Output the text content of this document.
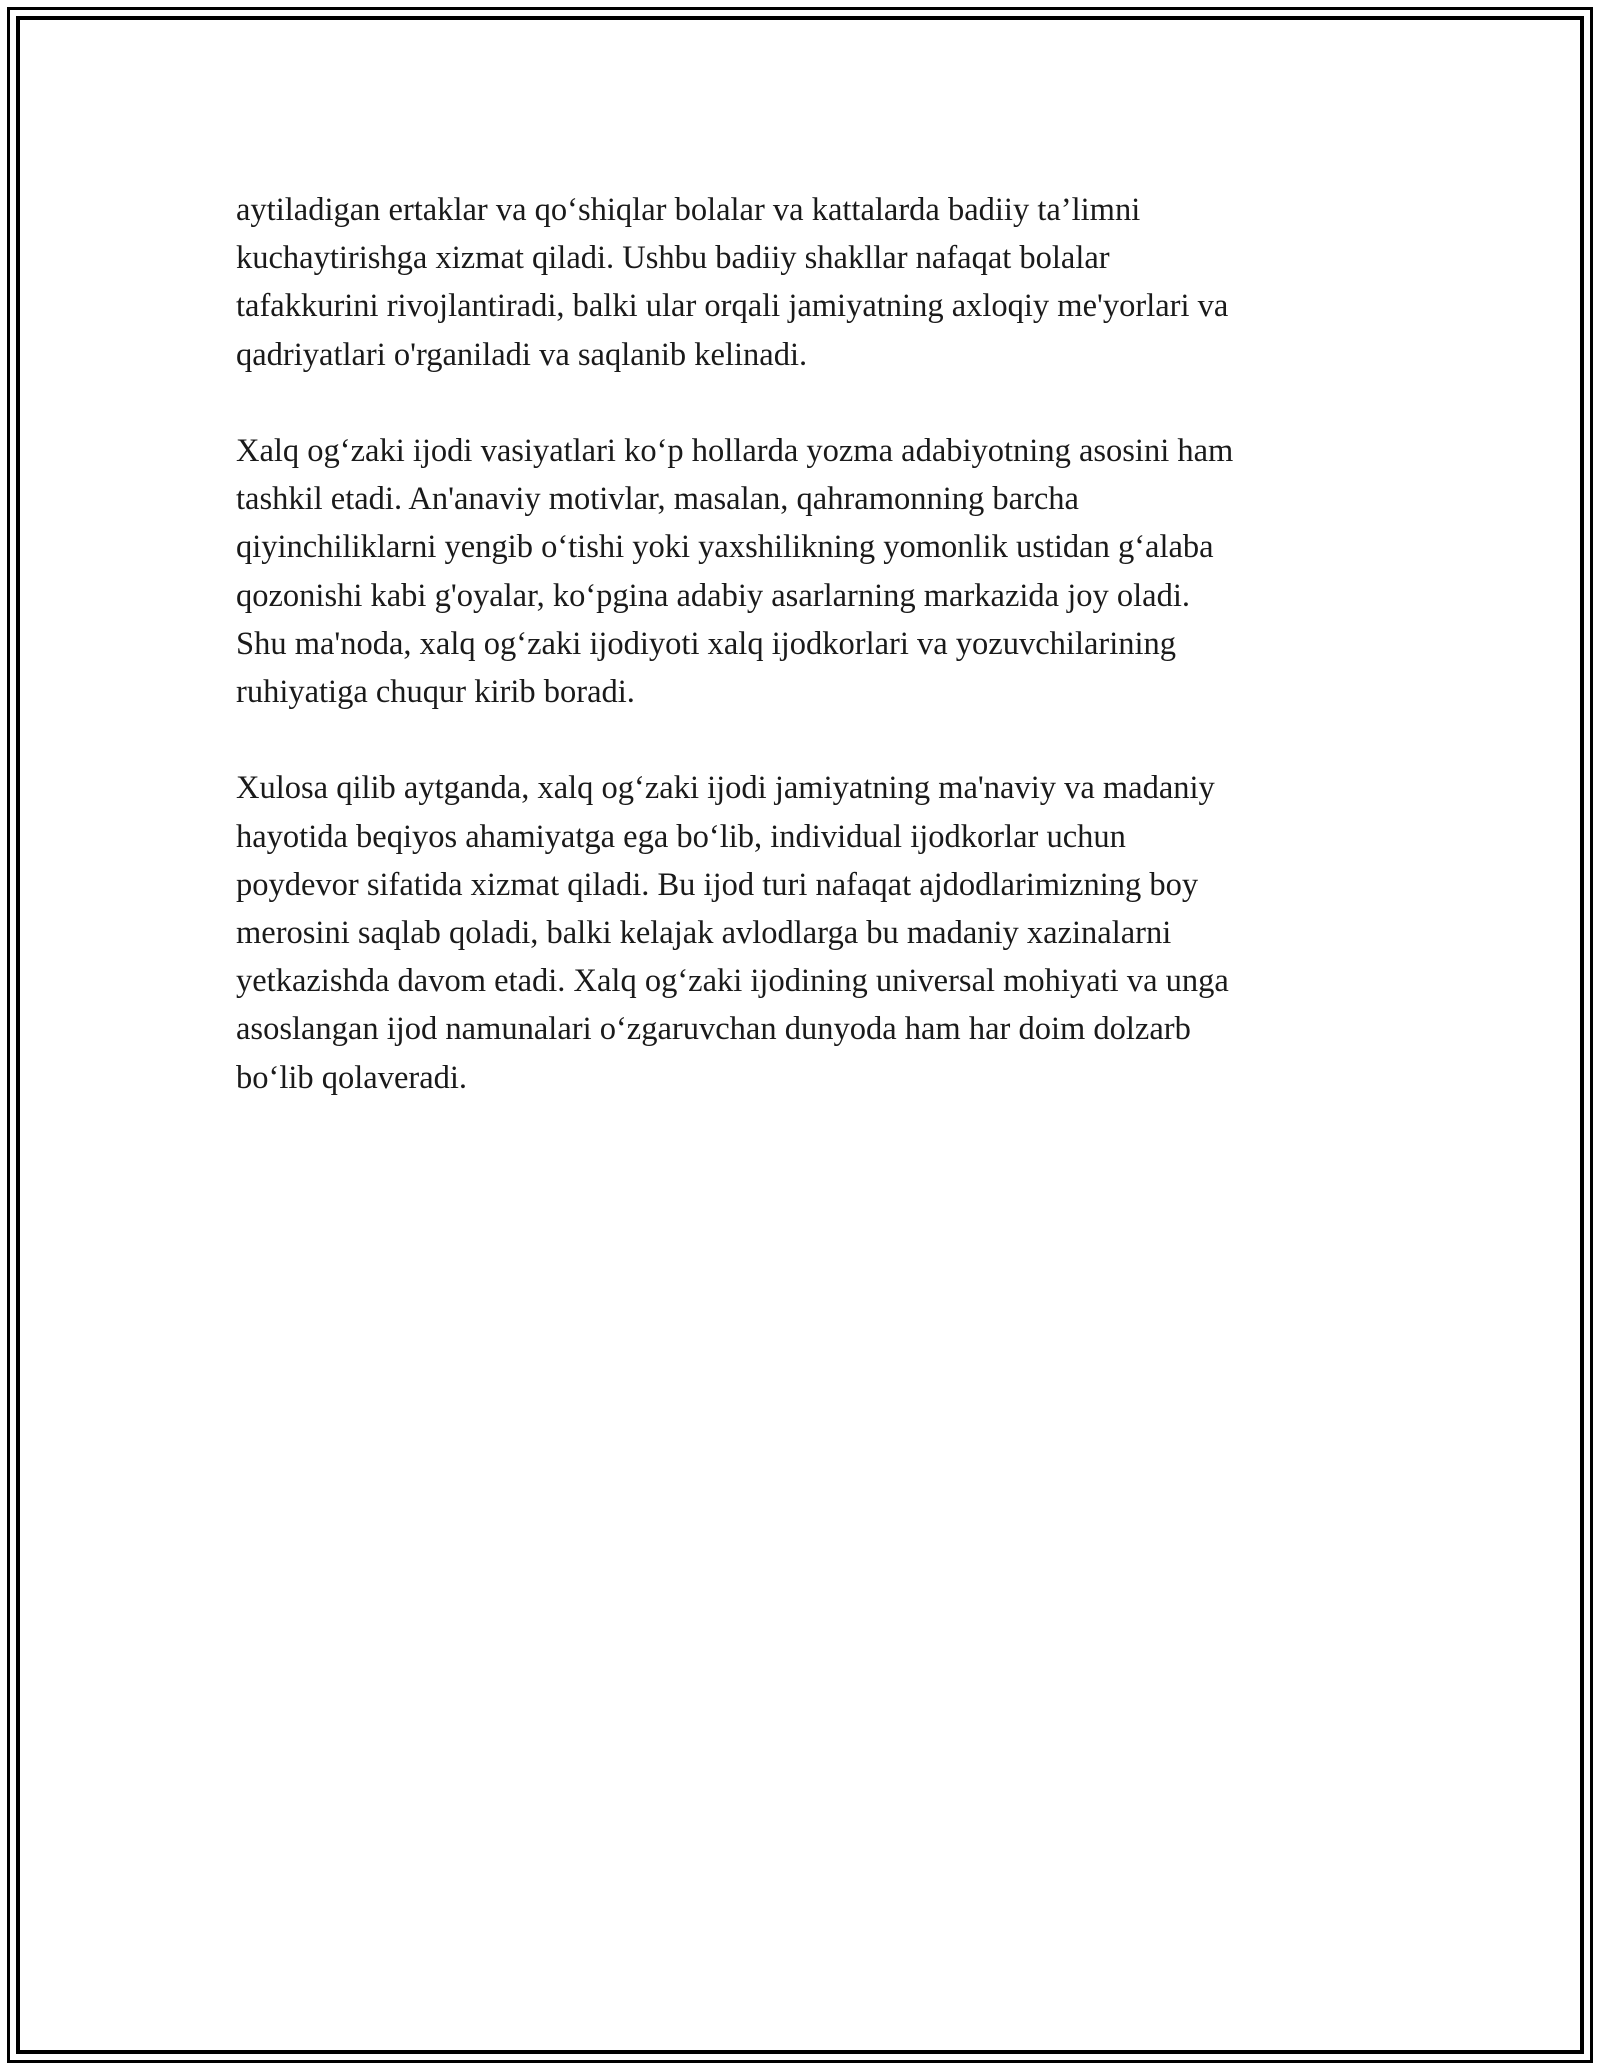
aytiladigan ertaklar va qo‘shiqlar bolalar va kattalarda badiiy ta’limni
kuchaytirishga xizmat qiladi. Ushbu badiiy shakllar nafaqat bolalar
tafakkurini rivojlantiradi, balki ular orqali jamiyatning axloqiy me'yorlari va
qadriyatlari o'rganiladi va saqlanib kelinadi.

Xalq og‘zaki ijodi vasiyatlari ko‘p hollarda yozma adabiyotning asosini ham
tashkil etadi. An'anaviy motivlar, masalan, qahramonning barcha
qiyinchiliklarni yengib o‘tishi yoki yaxshilikning yomonlik ustidan g‘alaba
qozonishi kabi g'oyalar, ko‘pgina adabiy asarlarning markazida joy oladi.
Shu ma'noda, xalq og‘zaki ijodiyoti xalq ijodkorlari va yozuvchilarining
ruhiyatiga chuqur kirib boradi.

Xulosa qilib aytganda, xalq og‘zaki ijodi jamiyatning ma'naviy va madaniy
hayotida beqiyos ahamiyatga ega bo‘lib, individual ijodkorlar uchun
poydevor sifatida xizmat qiladi. Bu ijod turi nafaqat ajdodlarimizning boy
merosini saqlab qoladi, balki kelajak avlodlarga bu madaniy xazinalarni
yetkazishda davom etadi. Xalq og‘zaki ijodining universal mohiyati va unga
asoslangan ijod namunalari o‘zgaruvchan dunyoda ham har doim dolzarb
bo‘lib qolaveradi.
